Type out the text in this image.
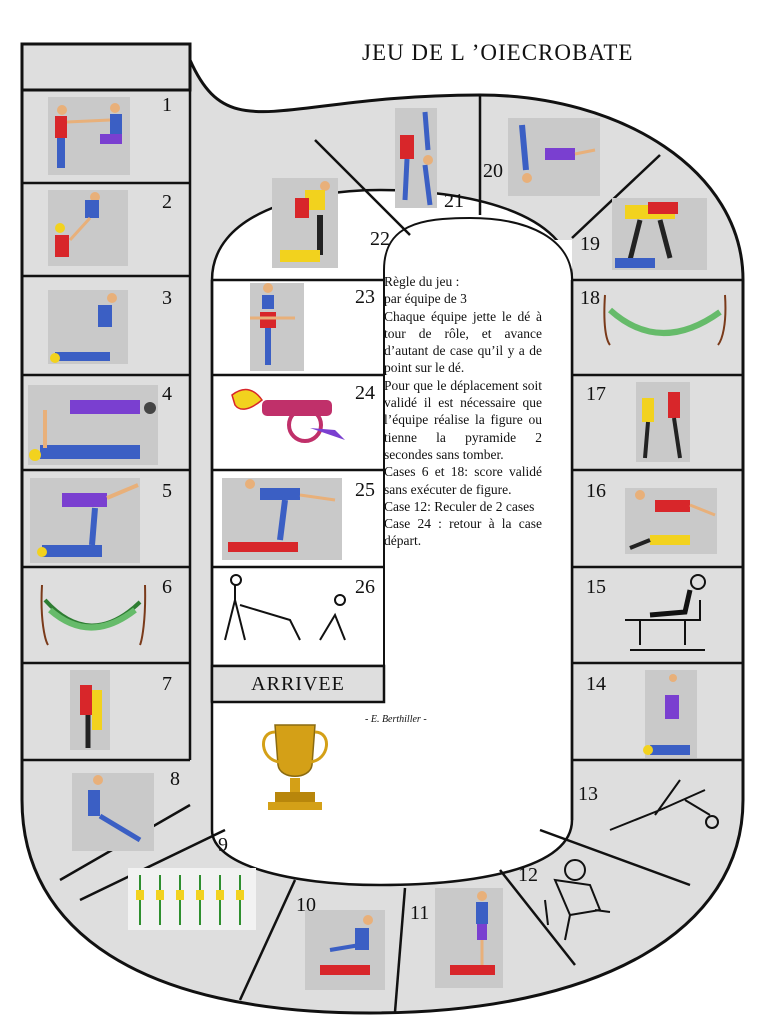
JEU DE L ’OIECROBATE
1
2
3
4
5
6
7
8
9
10	11
12
13
14
15
16
17
18
19
20
21
22
23
24
25
26
ARRIVEE

Règle du jeu :

par équipe de 3

Chaque équipe jette le dé à tour de rôle, et avance d’autant de case qu’il y a de point sur le dé.

Pour que le déplacement soit validé il est nécessaire que l’équipe réalise la figure ou tienne la pyramide 2 secondes sans tomber.

Cases 6 et 18: score validé sans exécuter de figure.

Case 12: Reculer de 2 cases

Case 24 : retour à la case départ.

- E. Berthiller -
